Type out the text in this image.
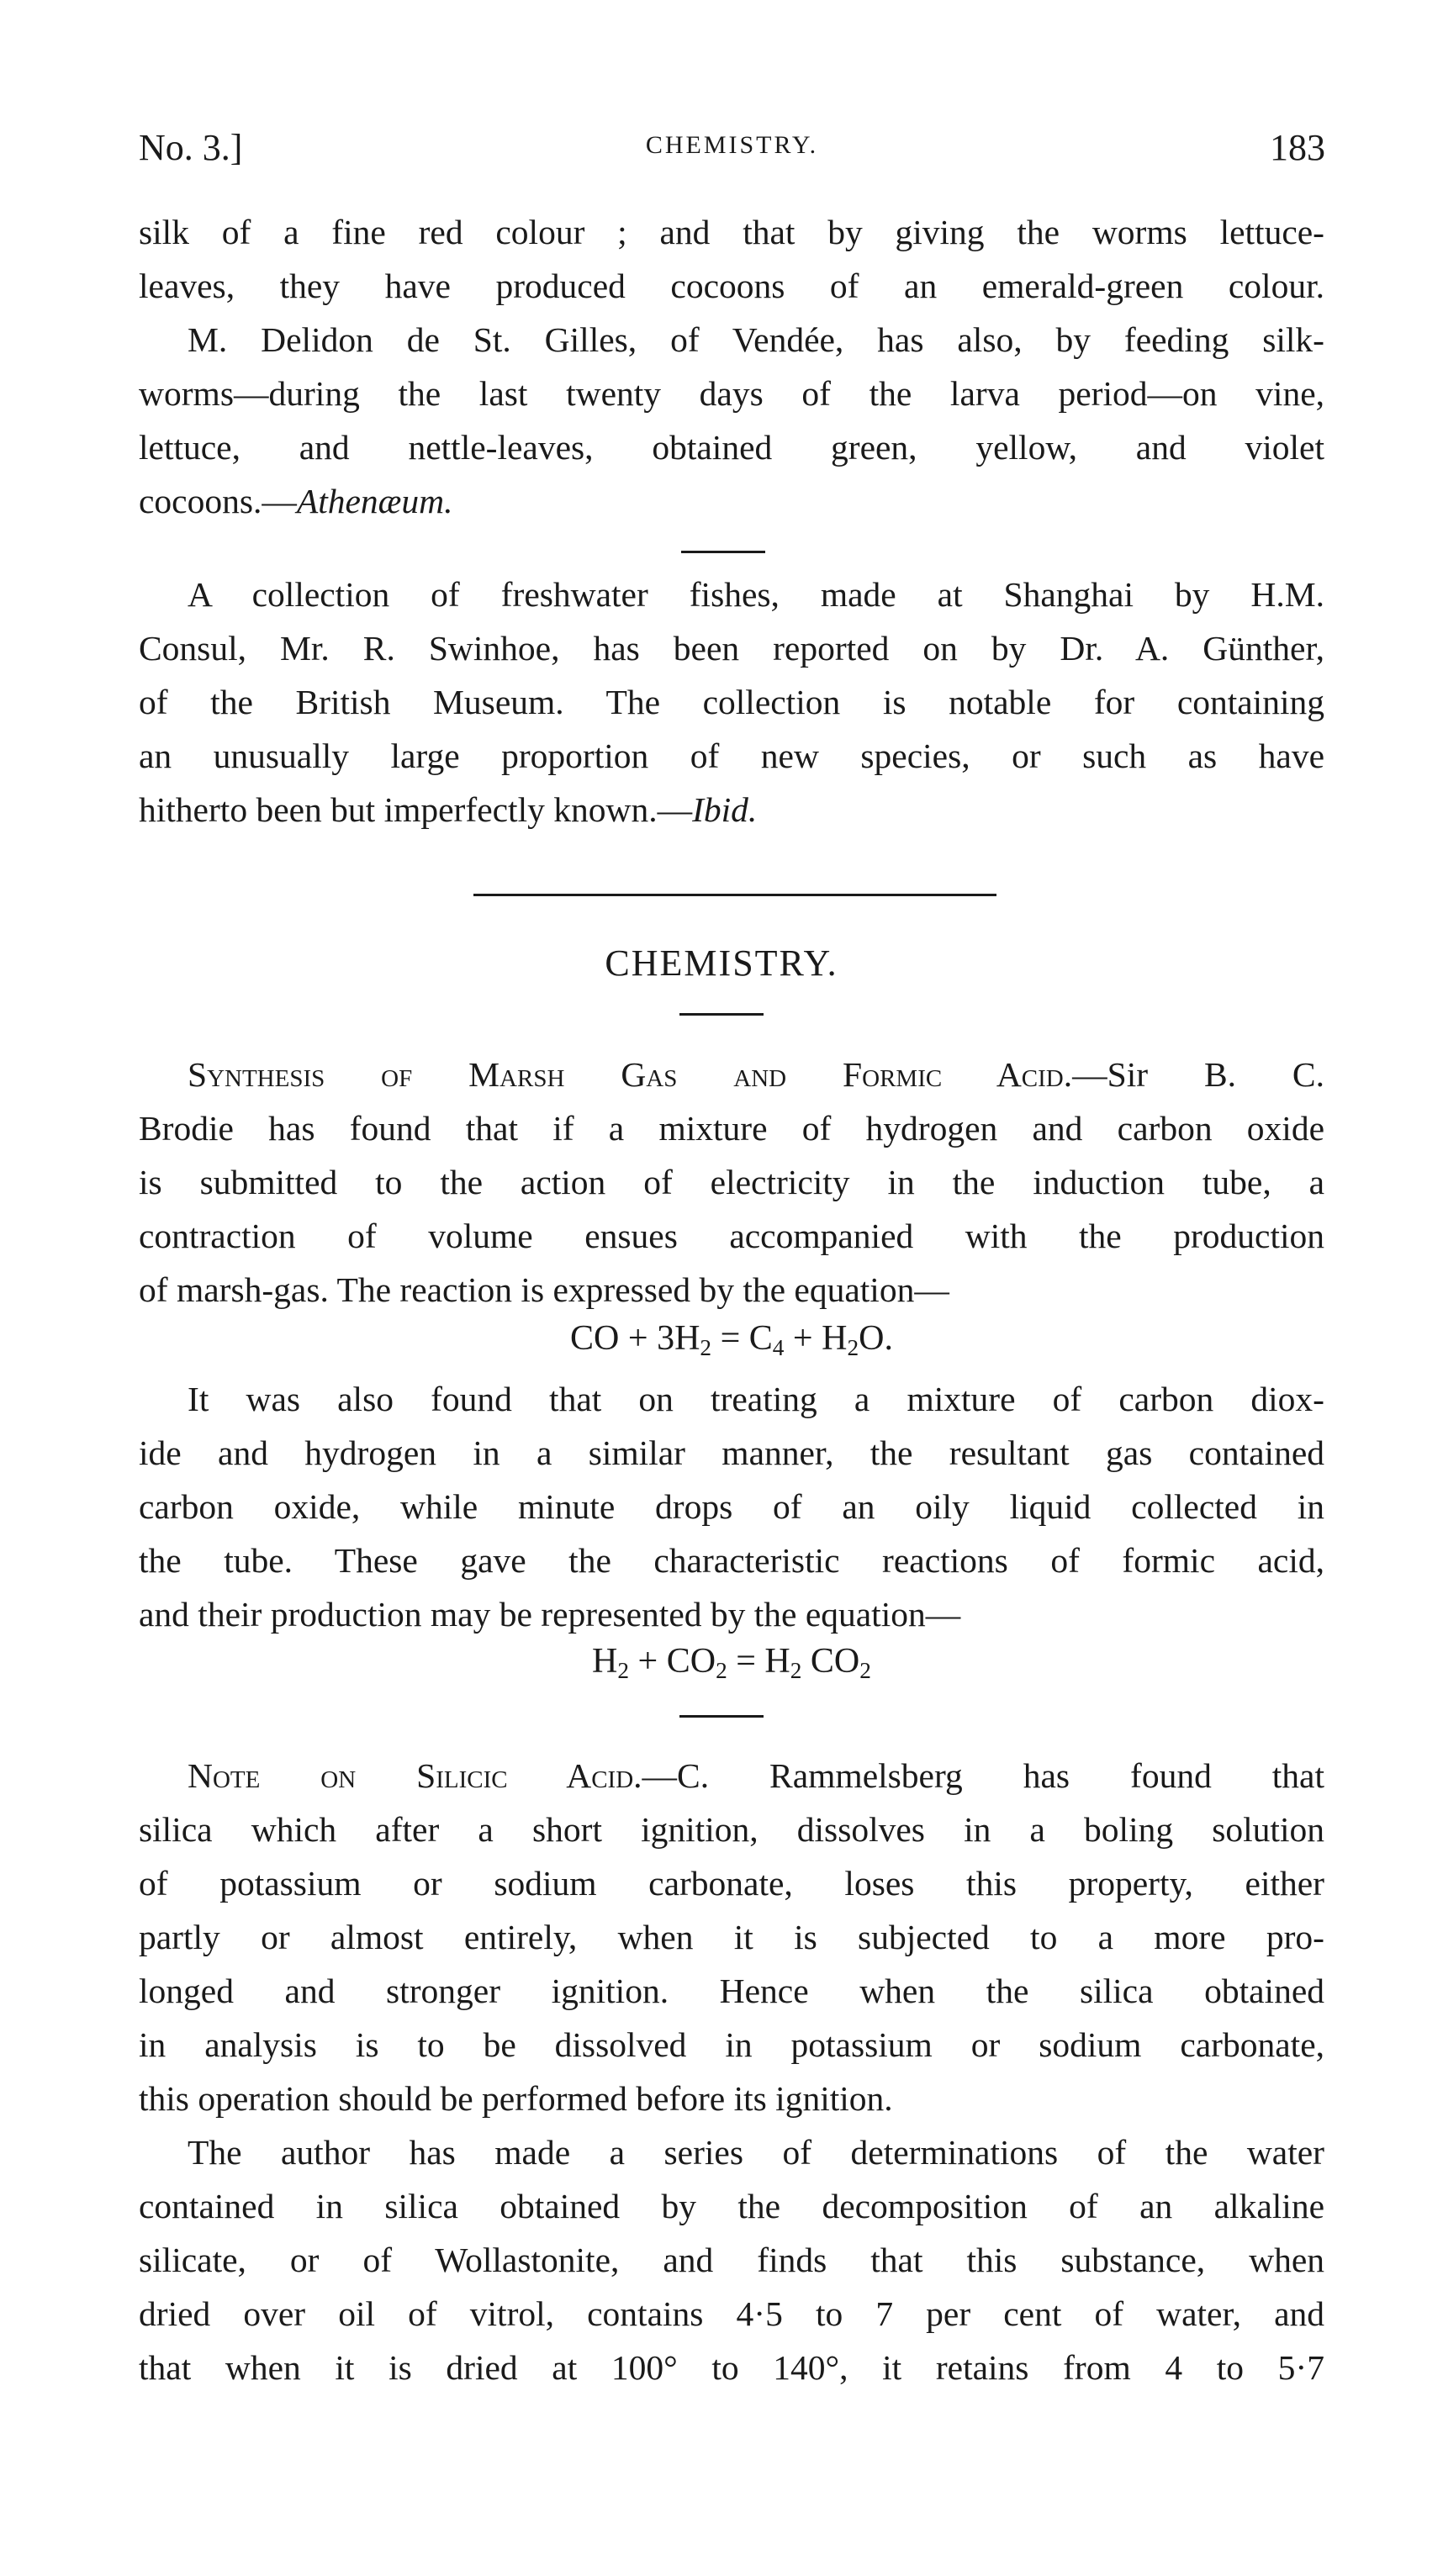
No. 3.]	CHEMISTRY.	183
silk of a fine red colour ; and that by giving the worms lettuce-
leaves, they have produced cocoons of an emerald-green colour.
M. Delidon de St. Gilles, of Vendée, has also, by feeding silk-
worms—during the last twenty days of the larva period—on vine,
lettuce, and nettle-leaves, obtained green, yellow, and violet
cocoons.—Athenæum.
A collection of freshwater fishes, made at Shanghai by H.M.
Consul, Mr. R. Swinhoe, has been reported on by Dr. A. Günther,
of the British Museum. The collection is notable for containing
an unusually large proportion of new species, or such as have
hitherto been but imperfectly known.—Ibid.
CHEMISTRY.
Synthesis of Marsh Gas and Formic Acid.—Sir B. C.
Brodie has found that if a mixture of hydrogen and carbon oxide
is submitted to the action of electricity in the induction tube, a
contraction of volume ensues accompanied with the production
of marsh-gas. The reaction is expressed by the equation—
CO + $3H_2 = C_4 + H_2O$.
It was also found that on treating a mixture of carbon diox-
ide and hydrogen in a similar manner, the resultant gas contained
carbon oxide, while minute drops of an oily liquid collected in
the tube. These gave the characteristic reactions of formic acid,
and their production may be represented by the equation—
$H_2 + CO_2 = H_2$ $CO_2$
Note on Silicic Acid.—C. Rammelsberg has found that
silica which after a short ignition, dissolves in a boling solution
of potassium or sodium carbonate, loses this property, either
partly or almost entirely, when it is subjected to a more pro-
longed and stronger ignition. Hence when the silica obtained
in analysis is to be dissolved in potassium or sodium carbonate,
this operation should be performed before its ignition.
The author has made a series of determinations of the water
contained in silica obtained by the decomposition of an alkaline
silicate, or of Wollastonite, and finds that this substance, when
dried over oil of vitrol, contains 4·5 to 7 per cent of water, and
that when it is dried at 100° to 140°, it retains from 4 to 5·7
